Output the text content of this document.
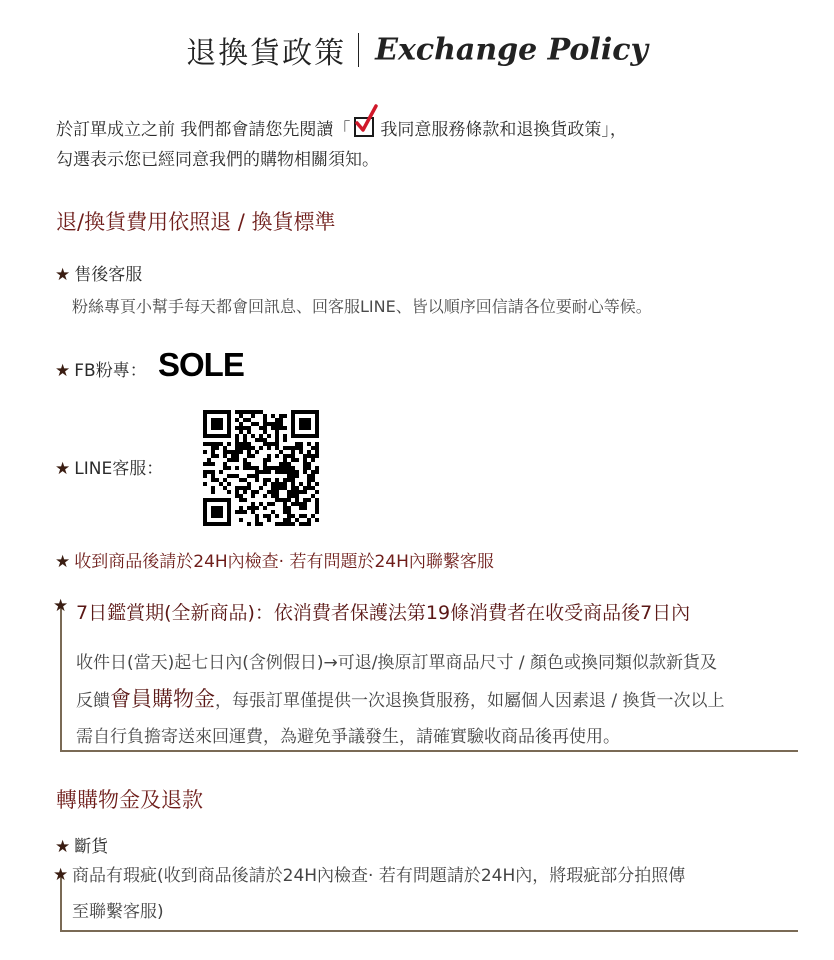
退換貨政策 Exchange Policy
於訂單成立之前 我們都會請您先閱讀「 我同意服務條款和退換貨政策」，
勾選表示您已經同意我們的購物相關須知。
退/換貨費用依照退 / 換貨標準
★ 售後客服
粉絲專頁小幫手每天都會回訊息、回客服LINE、皆以順序回信請各位要耐心等候。
★ FB粉專： SOLE
★ LINE客服：
★ 收到商品後請於24H內檢查‧ 若有問題於24H內聯繫客服
★ 7日鑑賞期(全新商品)：依消費者保護法第19條消費者在收受商品後7日內
收件日(當天)起七日內(含例假日)→可退/換原訂單商品尺寸 / 顏色或換同類似款新貨及
反饋會員購物金，每張訂單僅提供一次退換貨服務，如屬個人因素退 / 換貨一次以上
需自行負擔寄送來回運費，為避免爭議發生，請確實驗收商品後再使用。
轉購物金及退款
★ 斷貨
★ 商品有瑕疵(收到商品後請於24H內檢查‧ 若有問題請於24H內，將瑕疵部分拍照傳
至聯繫客服)
